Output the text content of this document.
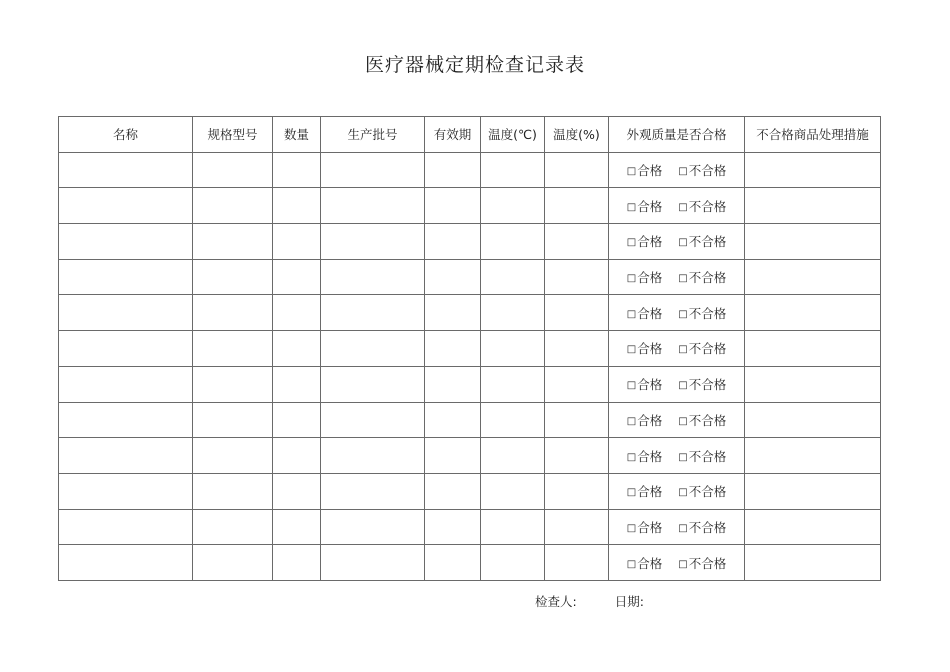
医疗器械定期检查记录表
名称	规格型号	数量	生产批号	有效期	温度(℃)	温度(%)	外观质量是否合格	不合格商品处理措施
							□合格 □不合格	
							□合格 □不合格	
							□合格 □不合格	
							□合格 □不合格	
							□合格 □不合格	
							□合格 □不合格	
							□合格 □不合格	
							□合格 □不合格	
							□合格 □不合格	
							□合格 □不合格	
							□合格 □不合格	
							□合格 □不合格	
检查人:	日期:
